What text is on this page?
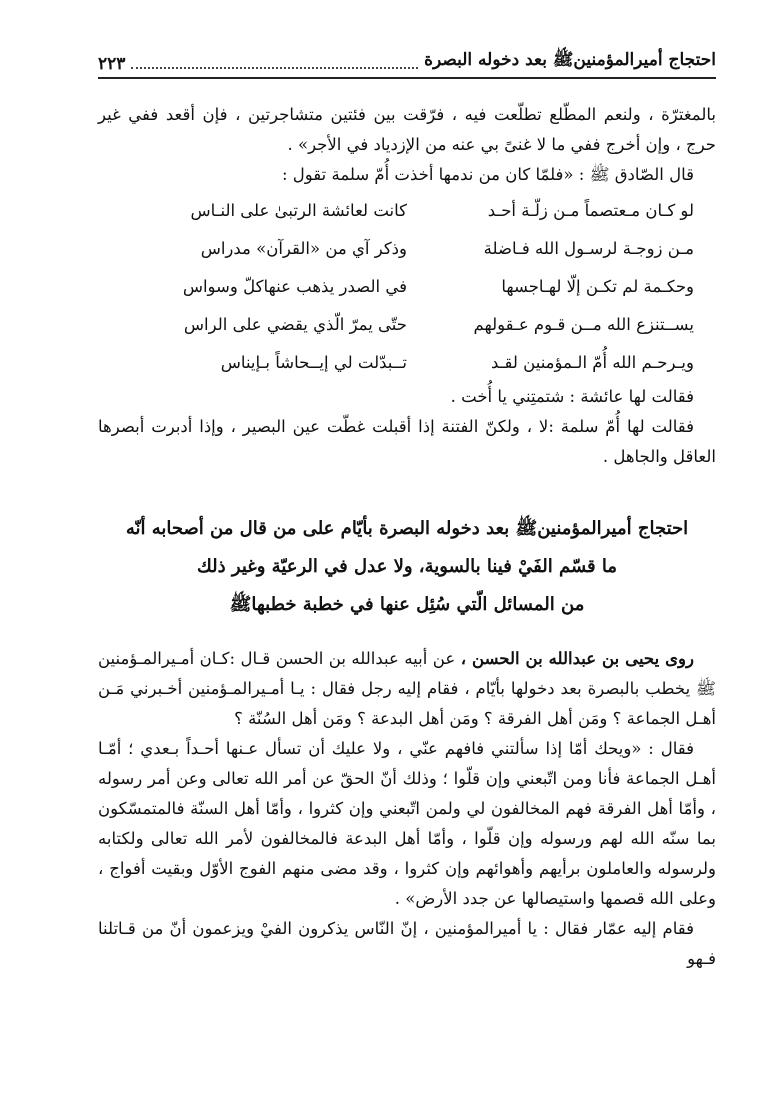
احتجاج أميرالمؤمنينﷺ بعد دخوله البصرة
٢٢٣

بالمغترّة ، ولنعم المطّلع تطلّعت فيه ، فرّقت بين فئتين متشاجرتين ، فإن أقعد ففي غير حرج ، وإن أخرج ففي ما لا غنىً بي عنه من الإزدياد في الأجر» .

قال الصّادق ﷺ : «فلمّا كان من ندمها أخذت أُمّ سلمة تقول :

لو كـان مـعتصماً مـن زلّـة أحـد	كانت لعائشة الرتبىٰ على النـاس
مـن زوجـة لرسـول الله فـاضلة	وذكر آي من «القرآن» مدراس
وحكـمة لم تكـن إلّا لهـاجسها	في الصدر يذهب عنهاكلّ وسواس
يســتنزع الله مــن قـوم عـقولهم	حتّى يمرّ الّذي يقضي على الراس
ويـرحـم الله أُمّ الـمؤمنين لقـد	تــبدّلت لي إيــحاشاً بـإيناس

فقالت لها عائشة : شتمتِني يا أُخت .

فقالت لها أُمّ سلمة :لا ، ولكنّ الفتنة إذا أقبلت غطّت عين البصير ، وإذا أدبرت أبصرها العاقل والجاهل .

احتجاج أميرالمؤمنينﷺ بعد دخوله البصرة بأيّام على من قال من أصحابه أنّه
ما قسّم الفَيْ فينا بالسوية، ولا عدل في الرعيّة وغير ذلك
من المسائل الّتي سُئِل عنها في خطبة خطبهاﷺ

روى يحيى بن عبدالله بن الحسن ، عن أبيه عبدالله بن الحسن قـال :كـان أمـيرالمـؤمنين ﷺ يخطب بالبصرة بعد دخولها بأيّام ، فقام إليه رجل فقال : يـا أمـيرالمـؤمنين أخـبرني مَـن أهـل الجماعة ؟ ومَن أهل الفرقة ؟ ومَن أهل البدعة ؟ ومَن أهل السُنّة ؟

فقال : «ويحك أمّا إذا سألتني فافهم عنّي ، ولا عليك أن تسأل عـنها أحـداً بـعدي ؛ أمّـا أهـل الجماعة فأنا ومن اتّبعني وإن قلّوا ؛ وذلك أنّ الحقّ عن أمر الله تعالى وعن أمر رسوله ، وأمّا أهل الفرقة فهم المخالفون لي ولمن اتّبعني وإن كثروا ، وأمّا أهل السنّة فالمتمسّكون بما سنّه الله لهم ورسوله وإن قلّوا ، وأمّا أهل البدعة فالمخالفون لأمر الله تعالى ولكتابه ولرسوله والعاملون برأيهم وأهوائهم وإن كثروا ، وقد مضى منهم الفوج الأوّل وبقيت أفواج ، وعلى الله قصمها واستيصالها عن جدد الأرض» .

فقام إليه عمّار فقال : يا أميرالمؤمنين ، إنّ النّاس يذكرون الفيْ ويزعمون أنّ من قـاتلنا فـهو
